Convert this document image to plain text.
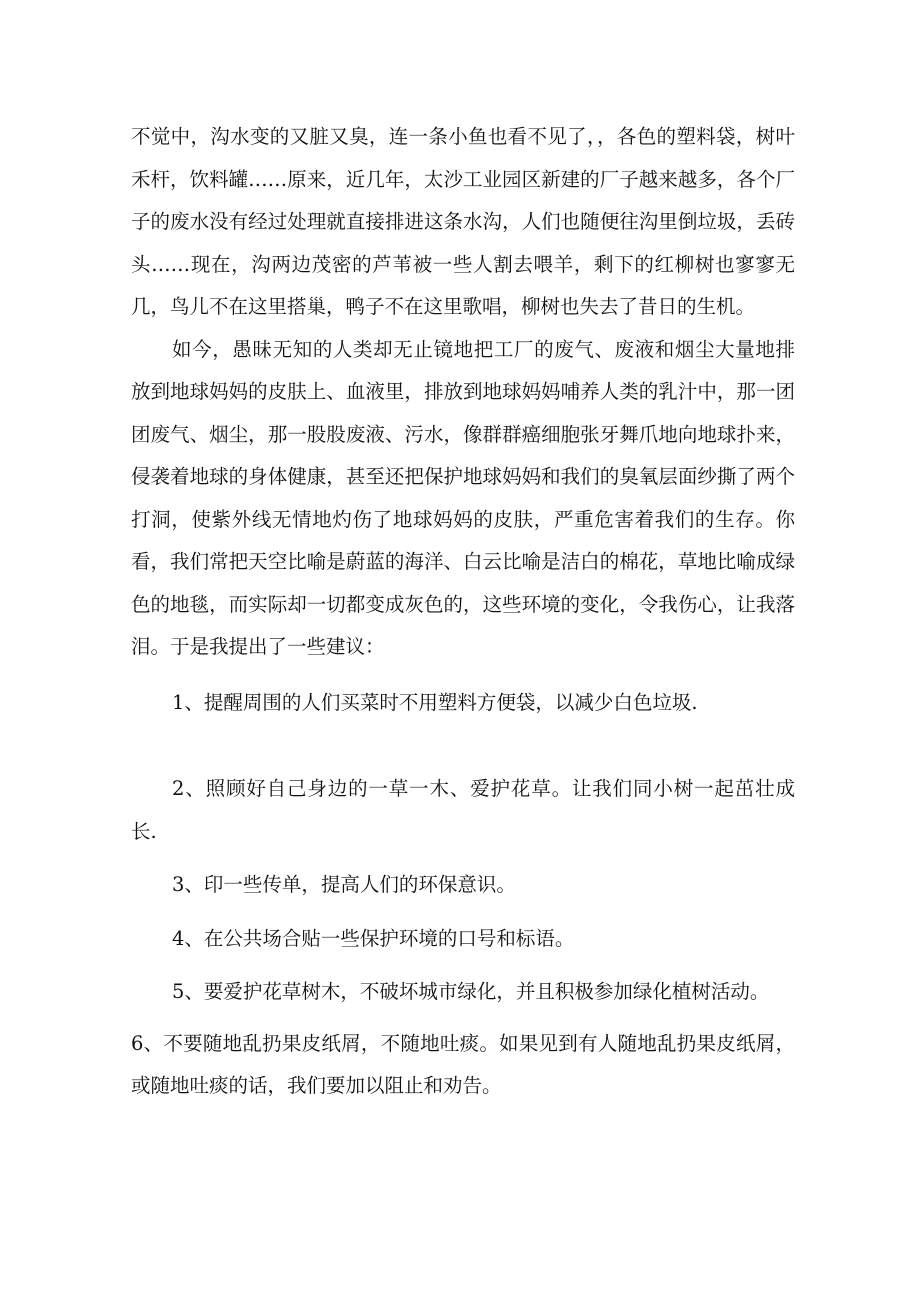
不觉中，沟水变的又脏又臭，连一条小鱼也看不见了，，各色的塑料袋，树叶禾杆，饮料罐……原来，近几年，太沙工业园区新建的厂子越来越多，各个厂子的废水没有经过处理就直接排进这条水沟，人们也随便往沟里倒垃圾，丢砖头……现在，沟两边茂密的芦苇被一些人割去喂羊，剩下的红柳树也寥寥无几，鸟儿不在这里搭巢，鸭子不在这里歌唱，柳树也失去了昔日的生机。

如今，愚昧无知的人类却无止镜地把工厂的废气、废液和烟尘大量地排放到地球妈妈的皮肤上、血液里，排放到地球妈妈哺养人类的乳汁中，那一团团废气、烟尘，那一股股废液、污水，像群群癌细胞张牙舞爪地向地球扑来，侵袭着地球的身体健康，甚至还把保护地球妈妈和我们的臭氧层面纱撕了两个打洞，使紫外线无情地灼伤了地球妈妈的皮肤，严重危害着我们的生存。你看，我们常把天空比喻是蔚蓝的海洋、白云比喻是洁白的棉花，草地比喻成绿色的地毯，而实际却一切都变成灰色的，这些环境的变化，令我伤心，让我落泪。于是我提出了一些建议：

1、提醒周围的人们买菜时不用塑料方便袋，以减少白色垃圾.

2、照顾好自己身边的一草一木、爱护花草。让我们同小树一起茁壮成长.

3、印一些传单，提高人们的环保意识。

4、在公共场合贴一些保护环境的口号和标语。

5、要爱护花草树木，不破坏城市绿化，并且积极参加绿化植树活动。

6、不要随地乱扔果皮纸屑，不随地吐痰。如果见到有人随地乱扔果皮纸屑，或随地吐痰的话，我们要加以阻止和劝告。
